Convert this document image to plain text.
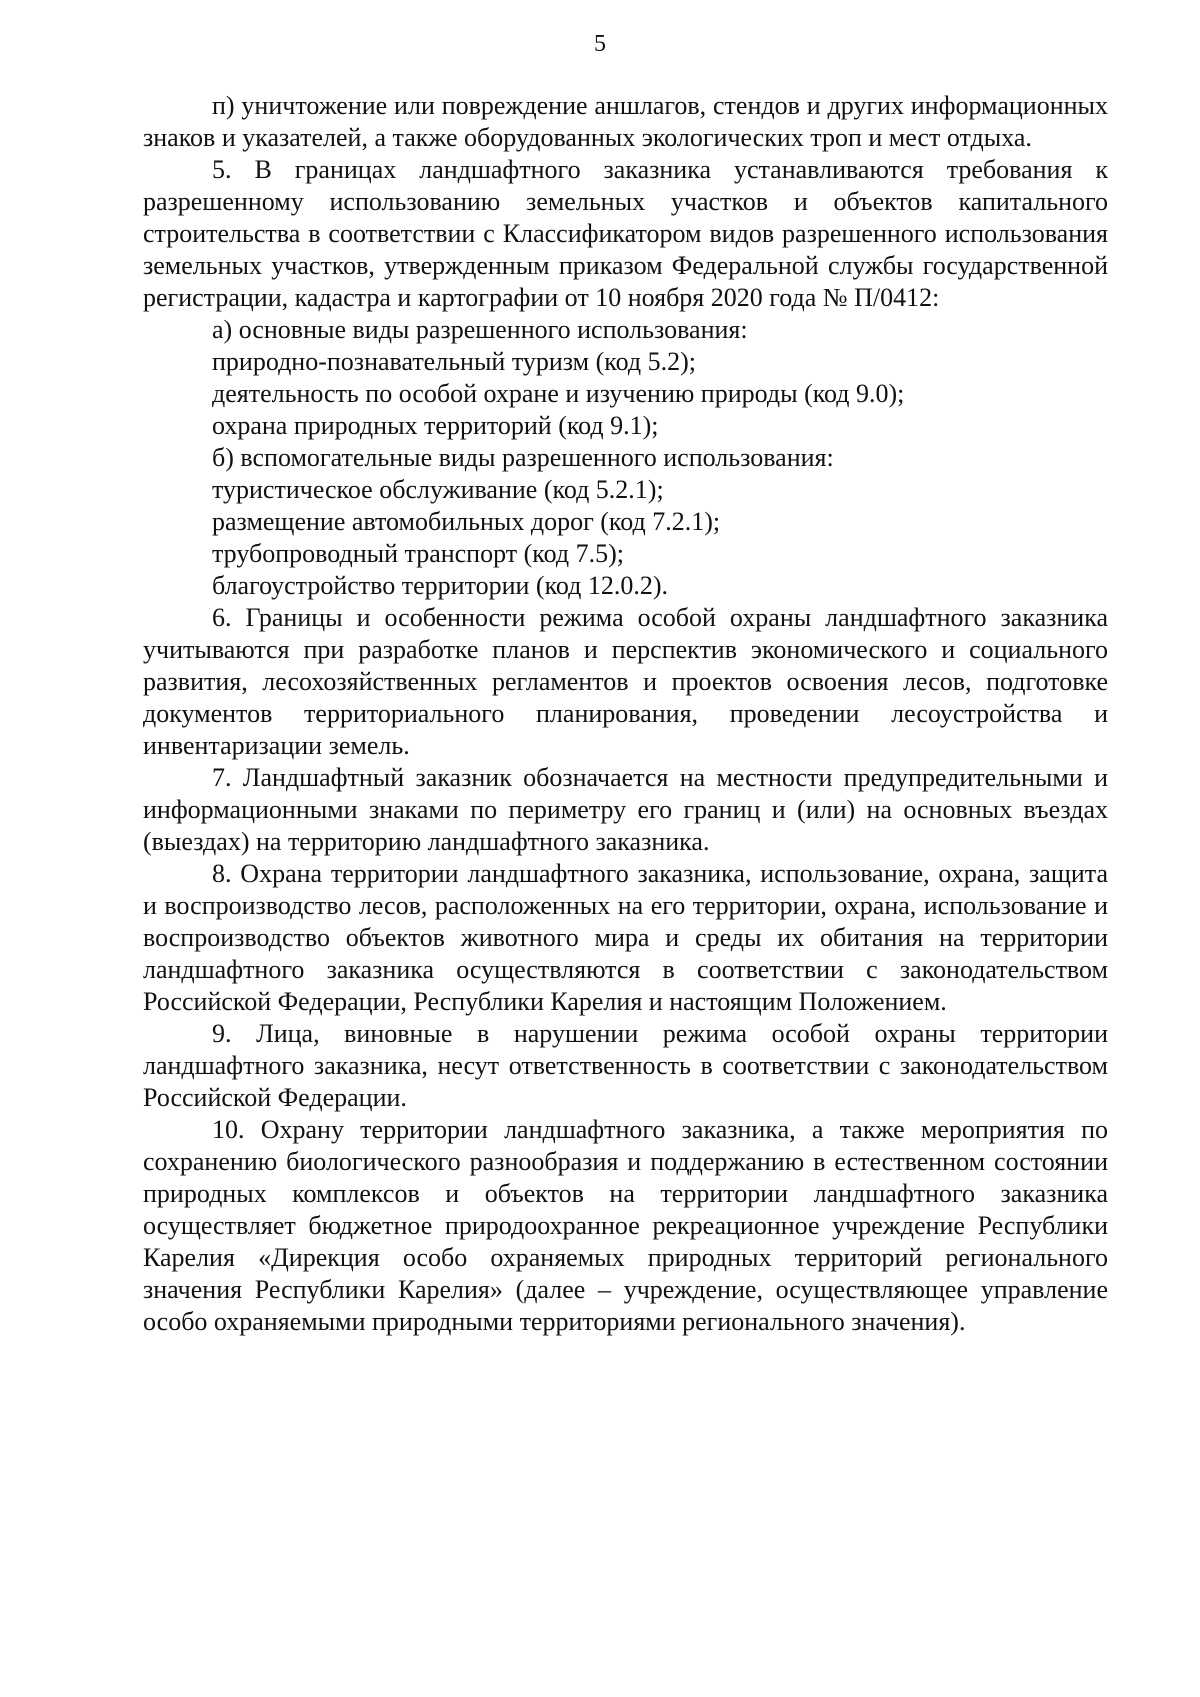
5

п) уничтожение или повреждение аншлагов, стендов и других информационных знаков и указателей, а также оборудованных экологических троп и мест отдыха.

5. В границах ландшафтного заказника устанавливаются требования к разрешенному использованию земельных участков и объектов капитального строительства в соответствии с Классификатором видов разрешенного использования земельных участков, утвержденным приказом Федеральной службы государственной регистрации, кадастра и картографии от 10 ноября 2020 года № П/0412:

а) основные виды разрешенного использования:
природно-познавательный туризм (код 5.2);
деятельность по особой охране и изучению природы (код 9.0);
охрана природных территорий (код 9.1);
б) вспомогательные виды разрешенного использования:
туристическое обслуживание (код 5.2.1);
размещение автомобильных дорог (код 7.2.1);
трубопроводный транспорт (код 7.5);
благоустройство территории (код 12.0.2).

6. Границы и особенности режима особой охраны ландшафтного заказника учитываются при разработке планов и перспектив экономического и социального развития, лесохозяйственных регламентов и проектов освоения лесов, подготовке документов территориального планирования, проведении лесоустройства и инвентаризации земель.

7. Ландшафтный заказник обозначается на местности предупредительными и информационными знаками по периметру его границ и (или) на основных въездах (выездах) на территорию ландшафтного заказника.

8. Охрана территории ландшафтного заказника, использование, охрана, защита и воспроизводство лесов, расположенных на его территории, охрана, использование и воспроизводство объектов животного мира и среды их обитания на территории ландшафтного заказника осуществляются в соответствии с законодательством Российской Федерации, Республики Карелия и настоящим Положением.

9. Лица, виновные в нарушении режима особой охраны территории ландшафтного заказника, несут ответственность в соответствии с законодательством Российской Федерации.

10. Охрану территории ландшафтного заказника, а также мероприятия по сохранению биологического разнообразия и поддержанию в естественном состоянии природных комплексов и объектов на территории ландшафтного заказника осуществляет бюджетное природоохранное рекреационное учреждение Республики Карелия «Дирекция особо охраняемых природных территорий регионального значения Республики Карелия» (далее – учреждение, осуществляющее управление особо охраняемыми природными территориями регионального значения).
